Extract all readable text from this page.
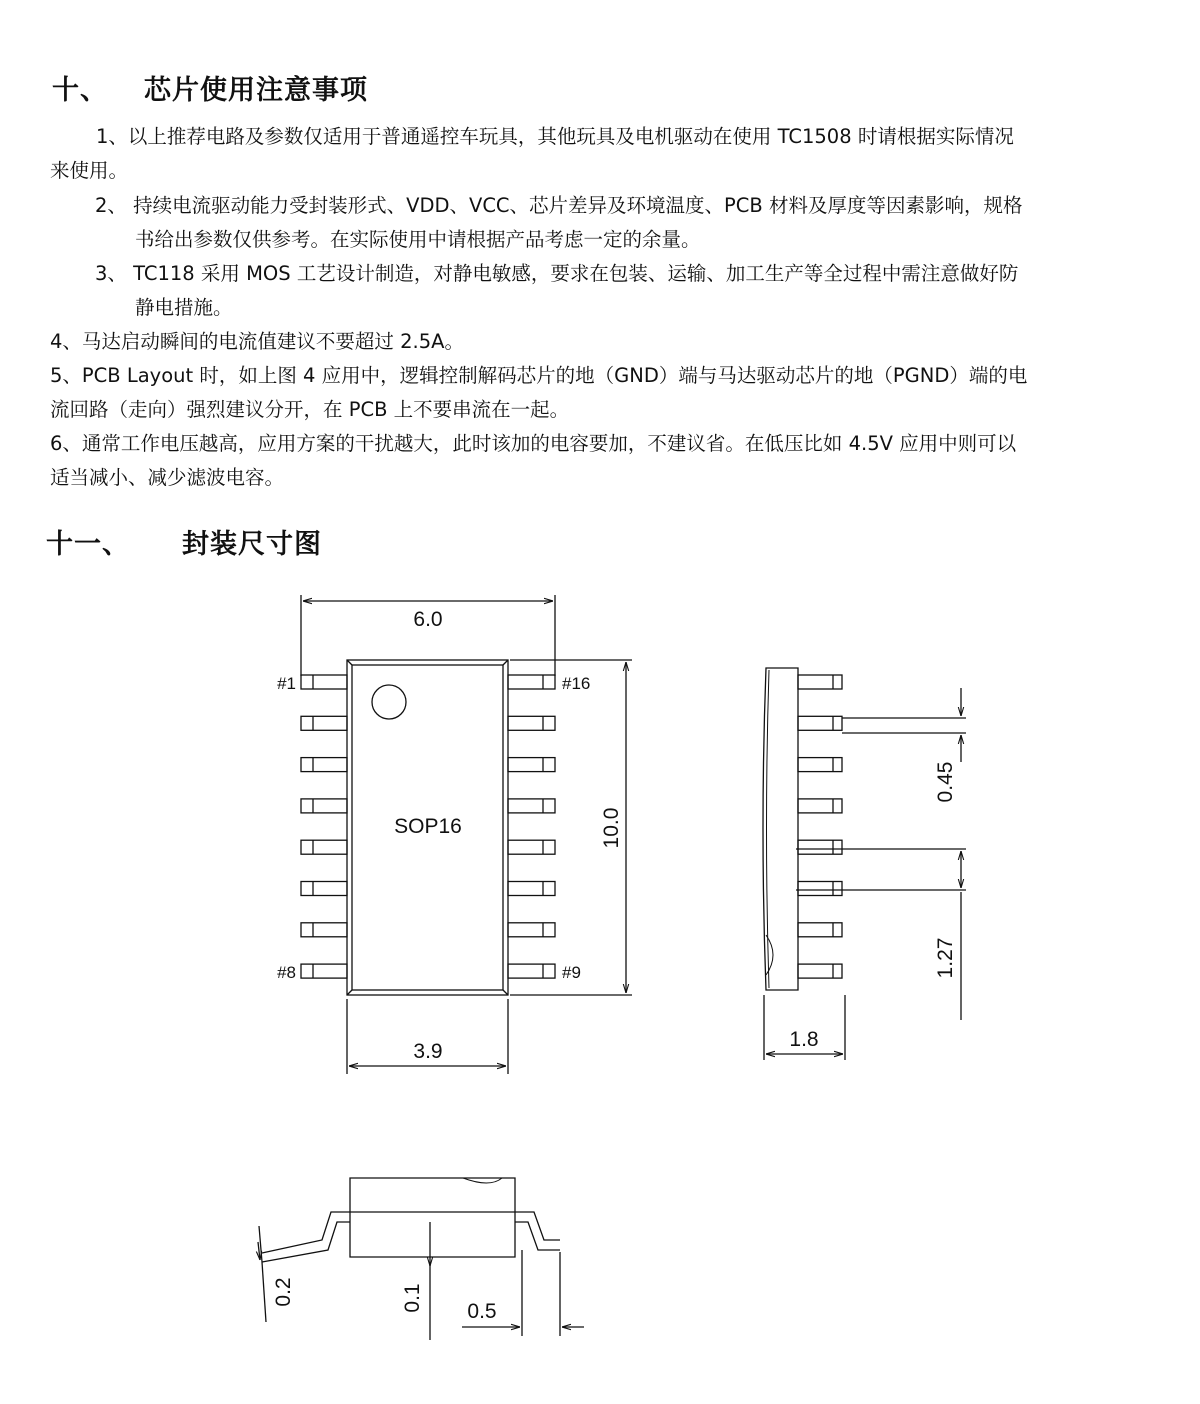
十、 芯片使用注意事项
1、以上推荐电路及参数仅适用于普通遥控车玩具，其他玩具及电机驱动在使用 TC1508 时请根据实际情况
来使用。
2、 持续电流驱动能力受封装形式、VDD、VCC、芯片差异及环境温度、PCB 材料及厚度等因素影响，规格
书给出参数仅供参考。在实际使用中请根据产品考虑一定的余量。
3、 TC118 采用 MOS 工艺设计制造，对静电敏感，要求在包装、运输、加工生产等全过程中需注意做好防
静电措施。
4、马达启动瞬间的电流值建议不要超过 2.5A。
5、PCB Layout 时，如上图 4 应用中，逻辑控制解码芯片的地（GND）端与马达驱动芯片的地（PGND）端的电
流回路（走向）强烈建议分开，在 PCB 上不要串流在一起。
6、通常工作电压越高，应用方案的干扰越大，此时该加的电容要加，不建议省。在低压比如 4.5V 应用中则可以
适当减小、减少滤波电容。
十一、 封装尺寸图
SOP16
#1
#8
#16
#9
6.0
3.9
10.0
0.45
1.27
1.8
0.2	0.1 0.5
